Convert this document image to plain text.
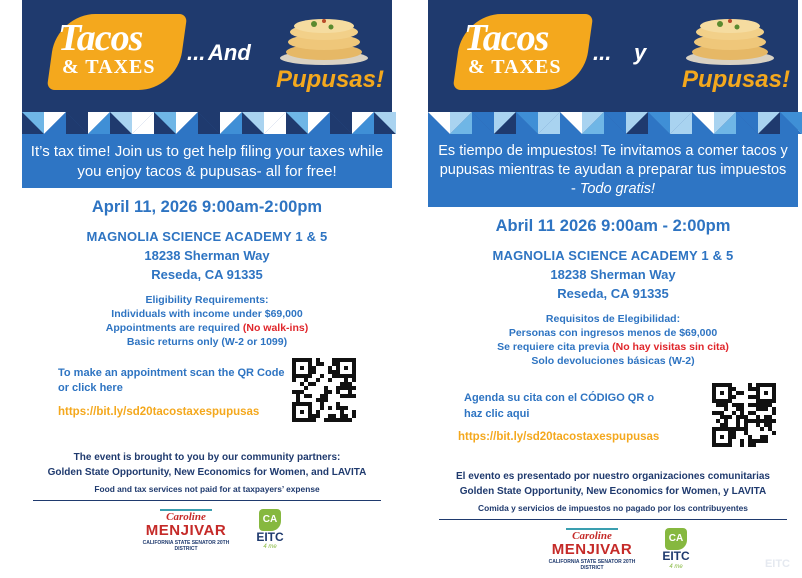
Tacos
& TAXES
... And
Pupusas!
It’s tax time! Join us to get help filing your taxes while you enjoy tacos & pupusas- all for free!
April 11, 2026 9:00am-2:00pm
MAGNOLIA SCIENCE ACADEMY 1 & 5
18238 Sherman Way
Reseda, CA 91335
Eligibility Requirements:
Individuals with income under $69,000
Appointments are required (No walk-ins)
Basic returns only (W-2 or 1099)
To make an appointment scan the QR Code or click here
https://bit.ly/sd20tacostaxespupusas
The event is brought to you by our community partners:
Golden State Opportunity, New Economics for Women, and LAVITA
Food and tax services not paid for at taxpayers’ expense
Caroline
MENJIVAR
CALIFORNIA STATE SENATOR 20TH DISTRICT
CA
EITC
4 me
Tacos
& TAXES
... y
Pupusas!
Es tiempo de impuestos! Te invitamos a comer tacos y pupusas mientras te ayudan a preparar tus impuestos - Todo gratis!
Abril 11 2026 9:00am - 2:00pm
MAGNOLIA SCIENCE ACADEMY 1 & 5
18238 Sherman Way
Reseda, CA 91335
Requisitos de Elegibilidad:
Personas con ingresos menos de $69,000
Se requiere cita previa (No hay visitas sin cita)
Solo devoluciones básicas (W-2)
Agenda su cita con el CÓDIGO QR o haz clic aqui
https://bit.ly/sd20tacostaxespupusas
El evento es presentado por nuestro organizaciones comunitarias
Golden State Opportunity, New Economics for Women, y LAVITA
Comida y servicios de impuestos no pagado por los contribuyentes
Caroline
MENJIVAR
CALIFORNIA STATE SENATOR 20TH DISTRICT
CA
EITC
4 me	EITC
